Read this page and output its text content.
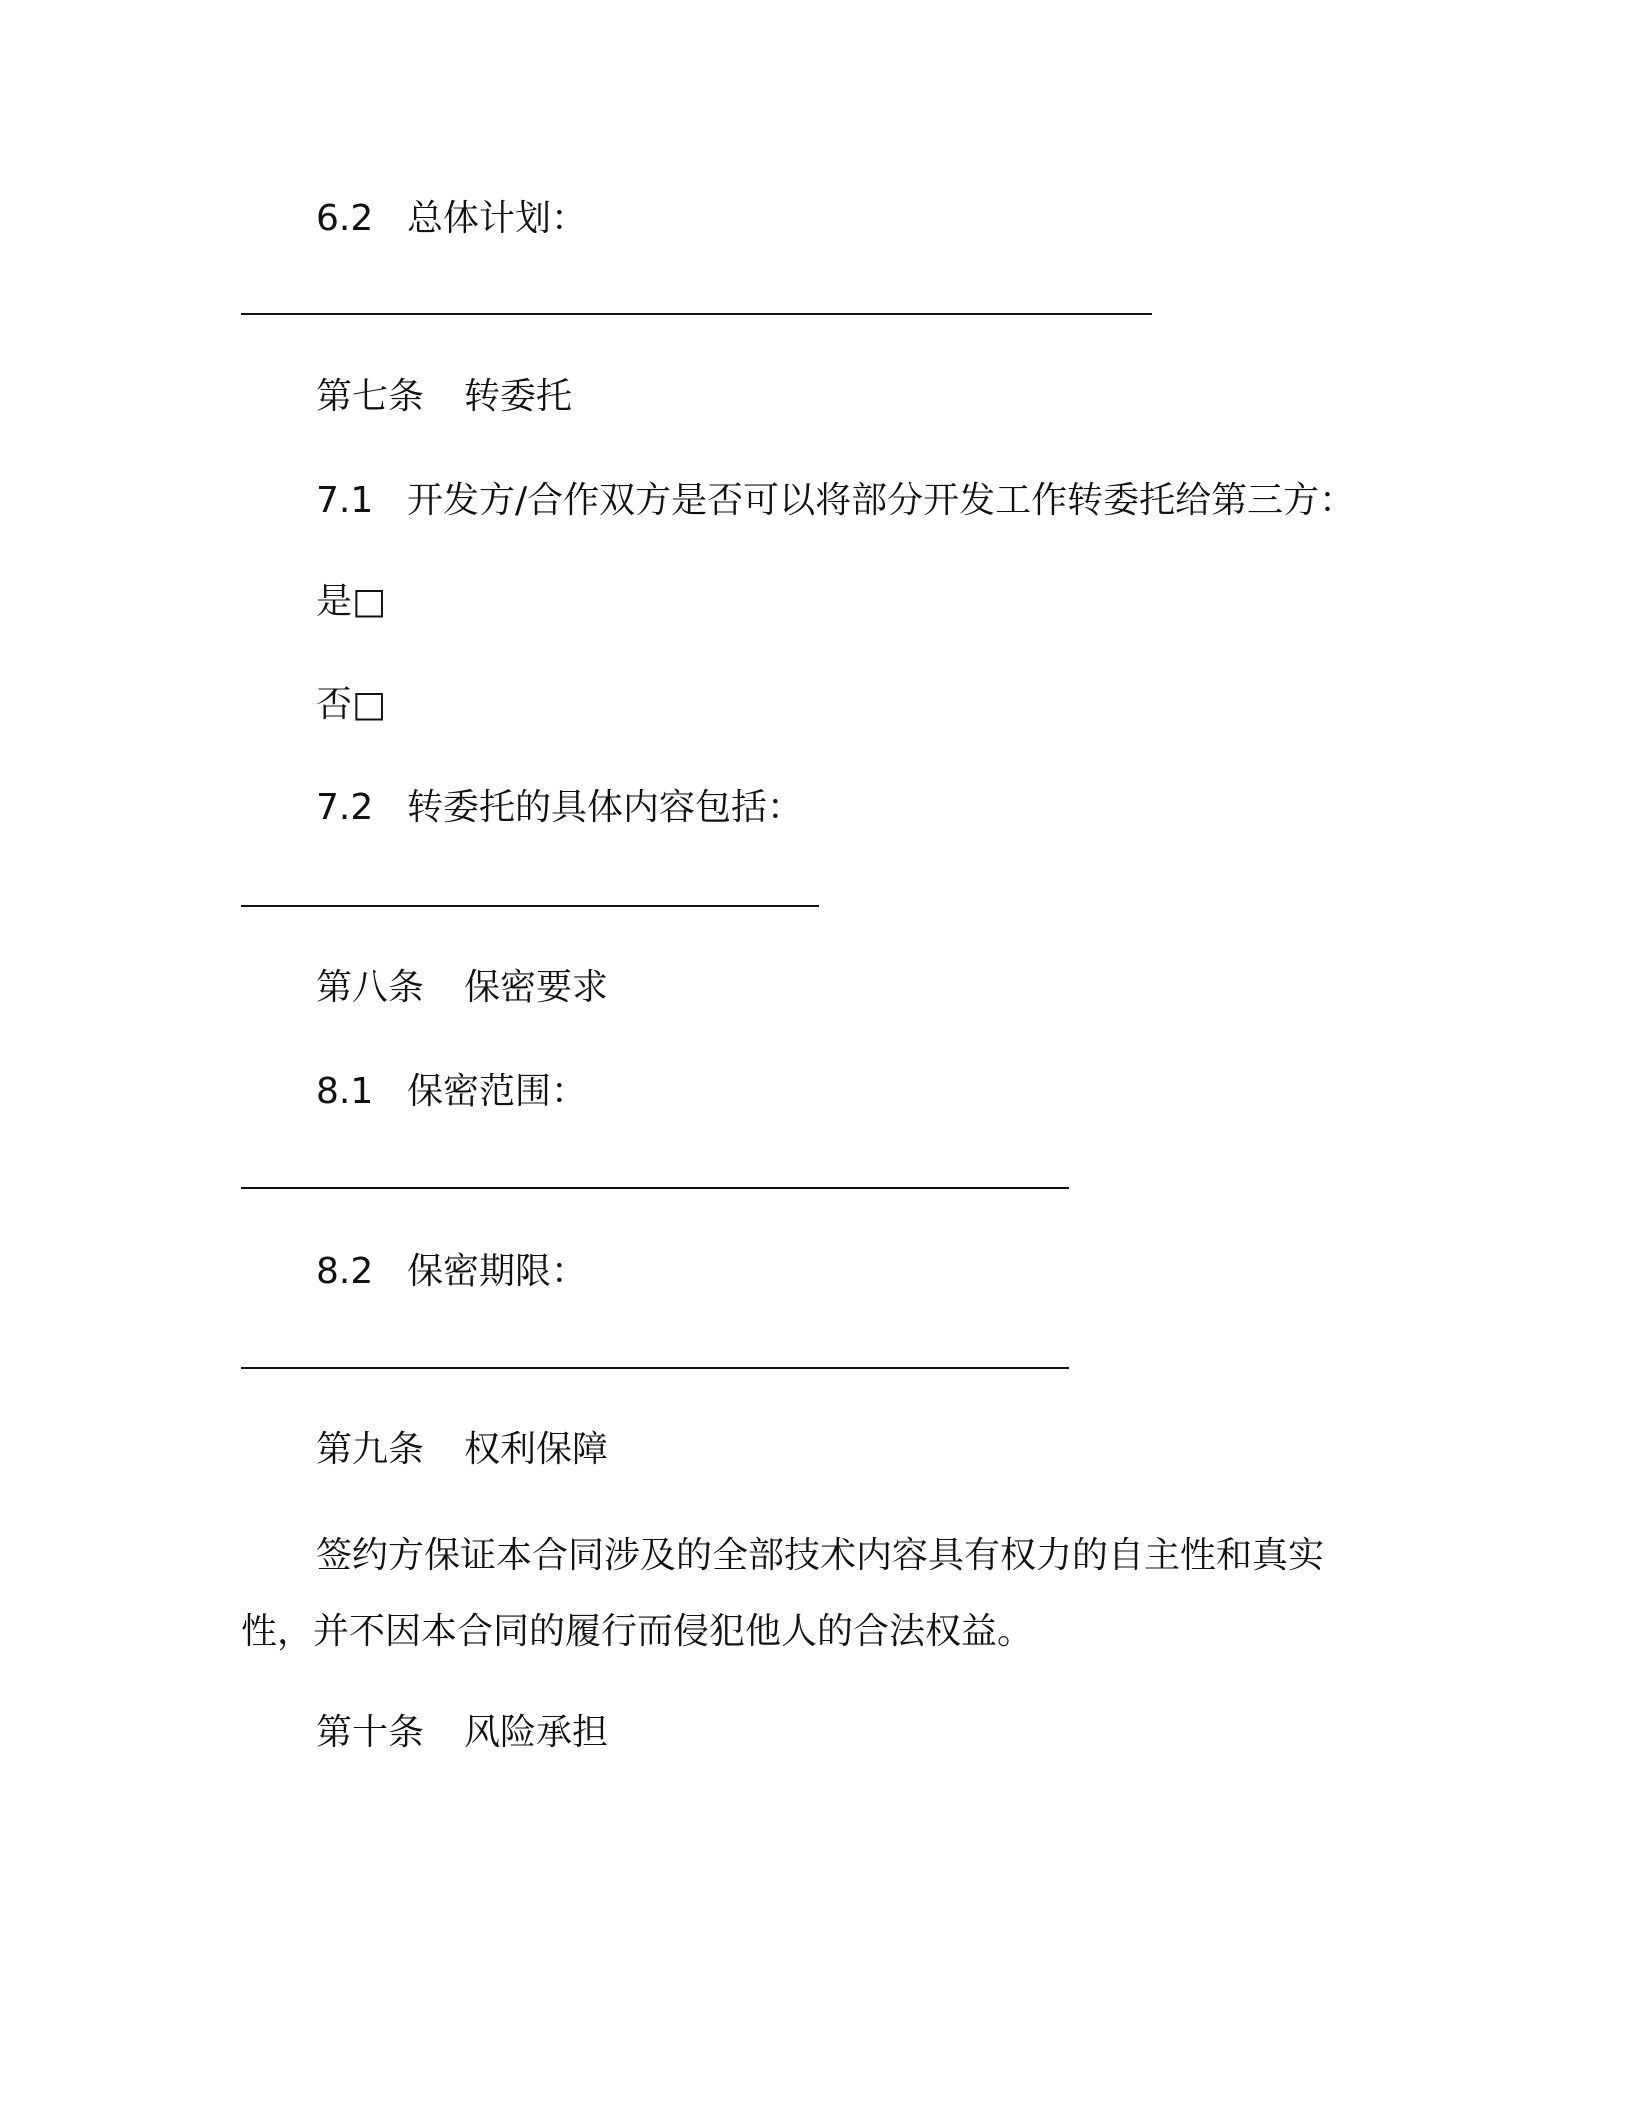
6.2 总体计划：

第七条 转委托

7.1 开发方/合作双方是否可以将部分开发工作转委托给第三方：

是□

否□

7.2 转委托的具体内容包括：

第八条 保密要求

8.1 保密范围：

8.2 保密期限：

第九条 权利保障

签约方保证本合同涉及的全部技术内容具有权力的自主性和真实性，并不因本合同的履行而侵犯他人的合法权益。

第十条 风险承担
